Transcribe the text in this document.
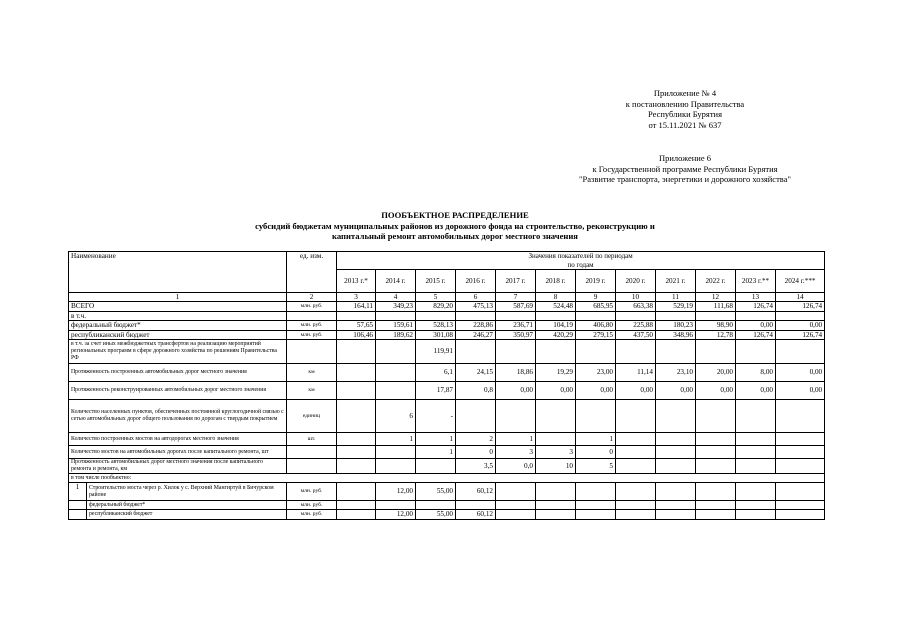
Приложение № 4
к постановлению Правительства
Республики Бурятия
от 15.11.2021 № 637
Приложение 6
к Государственной программе Республики Бурятия
"Развитие транспорта, энергетики и дорожного хозяйства"
ПООБЪЕКТНОЕ РАСПРЕДЕЛЕНИЕ
субсидий бюджетам муниципальных районов из дорожного фонда на строительство, реконструкцию и
капитальный ремонт автомобильных дорог местного значения
Наименование		ед. изм.	Значения показателей по периодам											
			по годам											
			2013 г.*	2014 г.	2015 г.	2016 г.	2017 г.	2018 г.	2019 г.	2020 г.	2021 г.	2022 г.	2023 г.**	2024 г.***
1		2	3	4	5	6	7	8	9	10	11	12	13	14
ВСЕГО		млн. руб.	164,11	349,23	829,20	475,13	587,69	524,48	685,95	663,38	529,19	111,68	126,74	126,74
в т.ч.														
федеральный бюджет*		млн. руб.	57,65	159,61	528,13	228,86	236,71	104,19	406,80	225,88	180,23	98,90	0,00	0,00
республиканский бюджет		млн. руб.	106,46	189,62	301,08	246,27	350,97	420,29	279,15	437,50	348,96	12,78	126,74	126,74
в т.ч. за счет иных межбюджетных трансфертов на реализацию мероприятий региональных программ в сфере дорожного хозяйства по решениям Правительства РФ					119,91									
Протяженность построенных автомобильных дорог местного значения		км			6,1	24,15	18,86	19,29	23,00	11,14	23,10	20,00	8,00	0,00
Протяженность реконструированных автомобильных дорог местного значения		км			17,87	0,8	0,00	0,00	0,00	0,00	0,00	0,00	0,00	0,00
Количество населенных пунктов, обеспеченных постоянной круглогодичной связью с сетью автомобильных дорог общего пользования по дорогам с твердым покрытием		единиц		6	-									
Количество построенных мостов на автодорогах местного значения		шт.		1	1	2	1		1					
Количество мостов на автомобильных дорогах после капитального ремонта, шт					1	0	3	3	0					
Протяженность автомобильных дорог местного значения после капитального ремонта и ремонта, км						3,5	0,0	10	5					
в том числе пообъектно:														
1	Строительство моста через р. Хилок у с. Верхний Мангиртуй в Бичурском районе	млн. руб.		12,00	55,00	60,12								
	федеральный бюджет*	млн. руб.												
	республиканский бюджет	млн. руб.		12,00	55,00	60,12								
